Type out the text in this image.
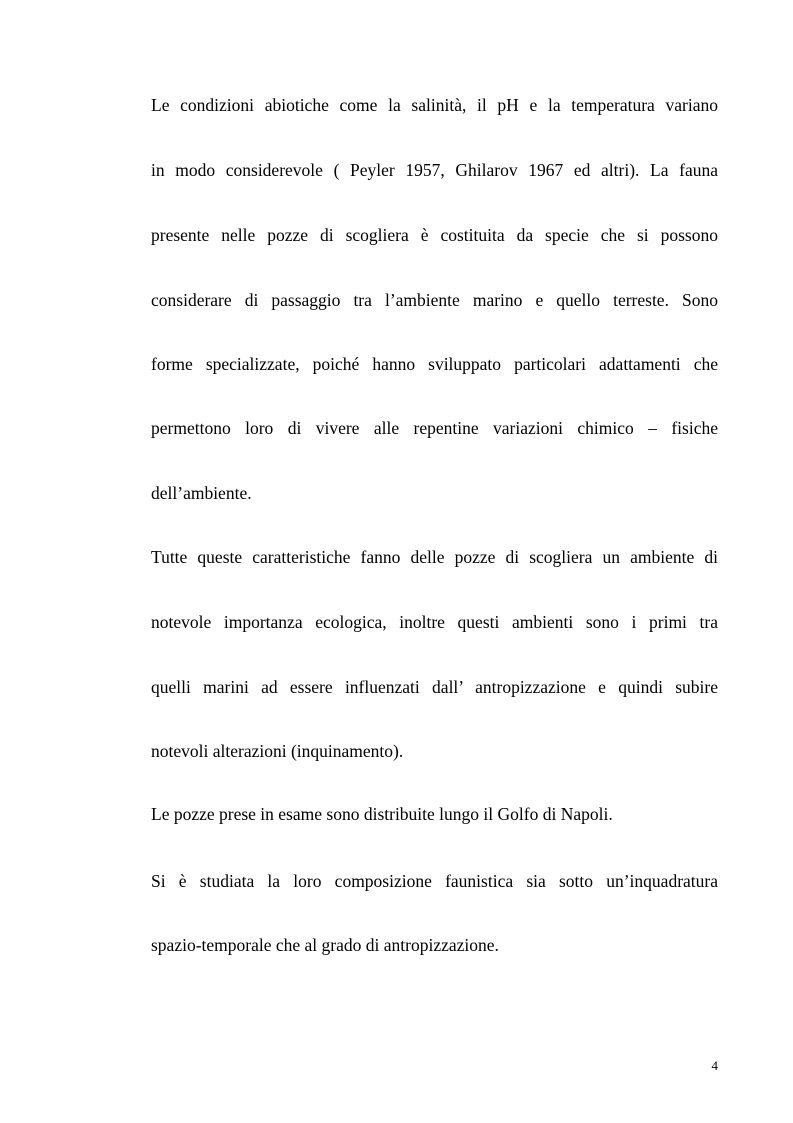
Le condizioni abiotiche come la salinità, il pH e la temperatura variano
in modo considerevole ( Peyler 1957, Ghilarov 1967 ed altri). La fauna
presente nelle pozze di scogliera è costituita da specie che si possono
considerare di passaggio tra l’ambiente marino e quello terreste. Sono
forme specializzate, poiché hanno sviluppato particolari adattamenti che
permettono loro di vivere alle repentine variazioni chimico – fisiche
dell’ambiente.
Tutte queste caratteristiche fanno delle pozze di scogliera un ambiente di
notevole importanza ecologica, inoltre questi ambienti sono i primi tra
quelli marini ad essere influenzati dall’ antropizzazione e quindi subire
notevoli alterazioni (inquinamento).
Le pozze prese in esame sono distribuite lungo il Golfo di Napoli.
Si è studiata la loro composizione faunistica sia sotto un’inquadratura
spazio-temporale che al grado di antropizzazione.
4
